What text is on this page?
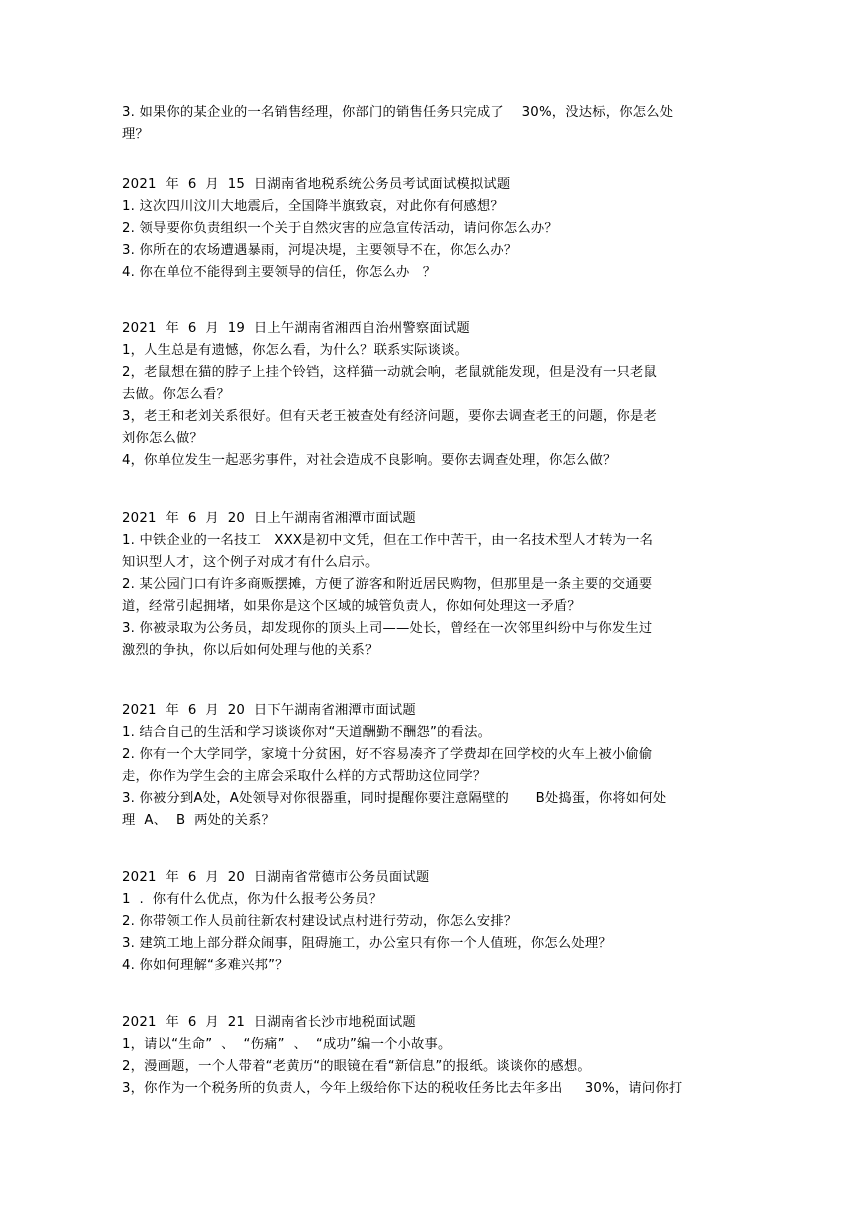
3. 如果你的某企业的一名销售经理，你部门的销售任务只完成了    30%，没达标，你怎么处
理？
2021  年  6  月  15  日湖南省地税系统公务员考试面试模拟试题
1. 这次四川汶川大地震后，全国降半旗致哀，对此你有何感想？
2. 领导要你负责组织一个关于自然灾害的应急宣传活动，请问你怎么办？
3. 你所在的农场遭遇暴雨，河堤决堤，主要领导不在，你怎么办？
4. 你在单位不能得到主要领导的信任，你怎么办   ？
2021  年  6  月  19  日上午湖南省湘西自治州警察面试题
1，人生总是有遗憾，你怎么看，为什么？联系实际谈谈。
2，老鼠想在猫的脖子上挂个铃铛，这样猫一动就会响，老鼠就能发现，但是没有一只老鼠
去做。你怎么看？
3，老王和老刘关系很好。但有天老王被查处有经济问题，要你去调查老王的问题，你是老
刘你怎么做？
4，你单位发生一起恶劣事件，对社会造成不良影响。要你去调查处理，你怎么做？
2021  年  6  月  20  日上午湖南省湘潭市面试题
1. 中铁企业的一名技工   XXX是初中文凭，但在工作中苦干，由一名技术型人才转为一名
知识型人才，这个例子对成才有什么启示。
2. 某公园门口有许多商贩摆摊，方便了游客和附近居民购物，但那里是一条主要的交通要
道，经常引起拥堵，如果你是这个区域的城管负责人，你如何处理这一矛盾？
3. 你被录取为公务员，却发现你的顶头上司——处长，曾经在一次邻里纠纷中与你发生过
激烈的争执，你以后如何处理与他的关系？
2021  年  6  月  20  日下午湖南省湘潭市面试题
1. 结合自己的生活和学习谈谈你对“天道酬勤不酬怨”的看法。
2. 你有一个大学同学，家境十分贫困，好不容易凑齐了学费却在回学校的火车上被小偷偷
走，你作为学生会的主席会采取什么样的方式帮助这位同学？
3. 你被分到A处，A处领导对你很器重，同时提醒你要注意隔壁的      B处捣蛋，你将如何处
理  A、  B  两处的关系？
2021  年  6  月  20  日湖南省常德市公务员面试题
1  .  你有什么优点，你为什么报考公务员？
2. 你带领工作人员前往新农村建设试点村进行劳动，你怎么安排？
3. 建筑工地上部分群众闹事，阻碍施工，办公室只有你一个人值班，你怎么处理？
4. 你如何理解“多难兴邦”？
2021  年  6  月  21  日湖南省长沙市地税面试题
1，请以“生命”  、  “伤痛”  、  “成功”编一个小故事。
2，漫画题，一个人带着“老黄历“的眼镜在看“新信息”的报纸。谈谈你的感想。
3，你作为一个税务所的负责人，今年上级给你下达的税收任务比去年多出     30%，请问你打
